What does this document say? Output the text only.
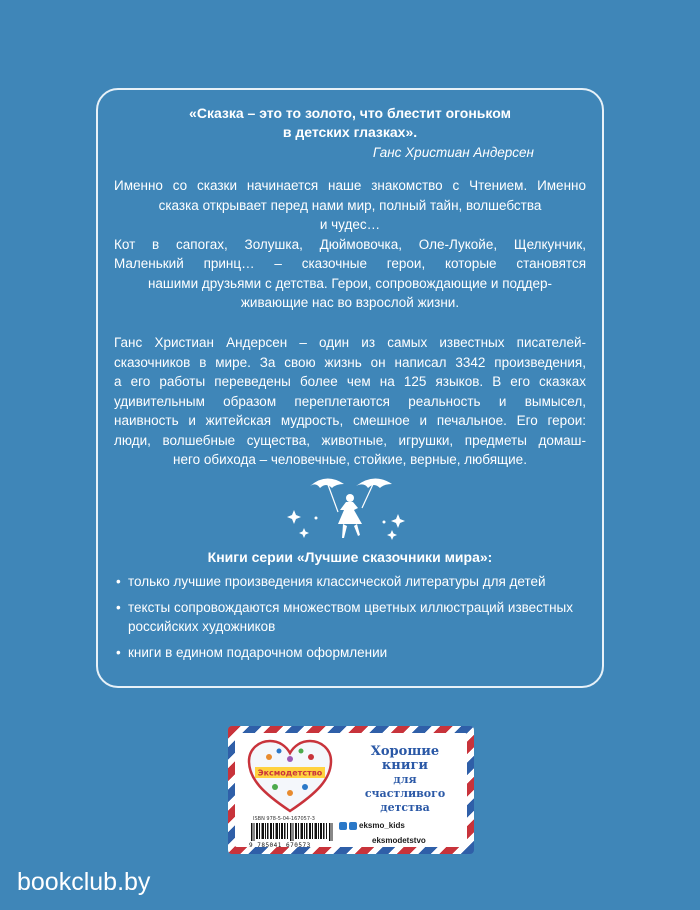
«Сказка – это то золото, что блестит огоньком
в детских глазках».
Ганс Христиан Андерсен
Именно со сказки начинается наше знакомство с Чтением. Именно
сказка открывает перед нами мир, полный тайн, волшебства
и чудес…
Кот в сапогах, Золушка, Дюймовочка, Оле-Лукойе, Щелкунчик,
Маленький принц… – сказочные герои, которые становятся
нашими друзьями с детства. Герои, сопровождающие и поддер-
живающие нас во взрослой жизни.
Ганс Христиан Андерсен – один из самых известных писателей-
сказочников в мире. За свою жизнь он написал 3342 произведения,
а его работы переведены более чем на 125 языков. В его сказках
удивительным образом переплетаются реальность и вымысел,
наивность и житейская мудрость, смешное и печальное. Его герои:
люди, волшебные существа, животные, игрушки, предметы домаш-
него обихода – человечные, стойкие, верные, любящие.
Книги серии «Лучшие сказочники мира»:
• только лучшие произведения классической литературы для детей
• тексты сопровождаются множеством цветных иллюстраций известных российских художников
• книги в едином подарочном оформлении
Эксмодетство
Хорошие
книги
для счастливого
детства
ISBN 978-5-04-167057-3
9 785041 670573
eksmo_kids
eksmodetstvo
bookclub.by
